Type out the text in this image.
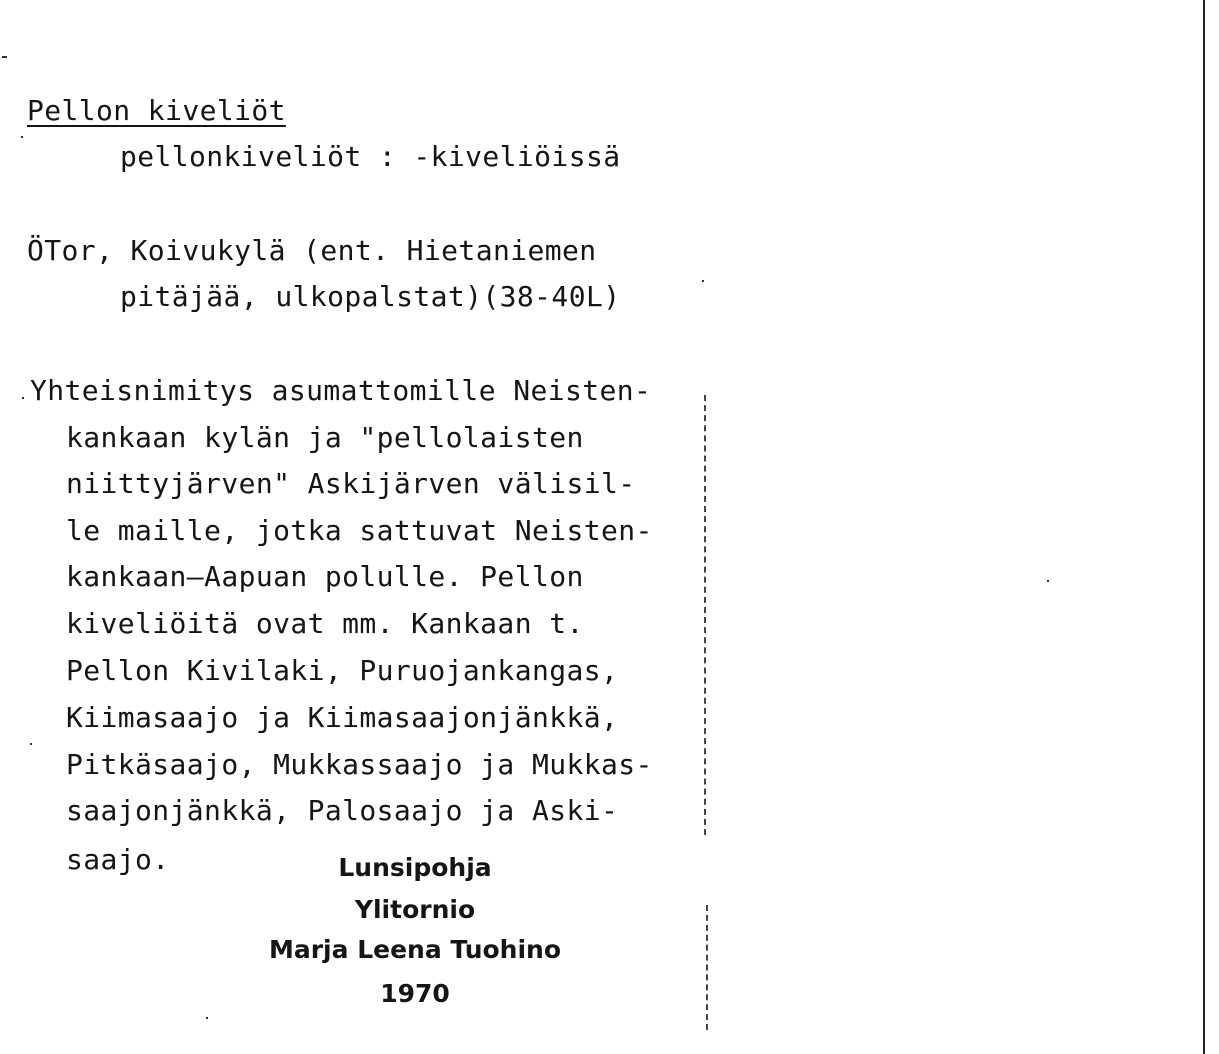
Pellon kiveliöt
pellonkiveliöt : -kiveliöissä
ÖTor, Koivukylä (ent. Hietaniemen
pitäjää, ulkopalstat)(38-40L)
Yhteisnimitys asumattomille Neisten-
kankaan kylän ja "pellolaisten
niittyjärven" Askijärven välisil-
le maille, jotka sattuvat Neisten-
kankaan—Aapuan polulle. Pellon
kiveliöitä ovat mm. Kankaan t.
Pellon Kivilaki, Puruojankangas,
Kiimasaajo ja Kiimasaajonjänkkä,
Pitkäsaajo, Mukkassaajo ja Mukkas-
saajonjänkkä, Palosaajo ja Aski-
saajo.	Lunsipohja
Ylitornio
Marja Leena Tuohino
1970
